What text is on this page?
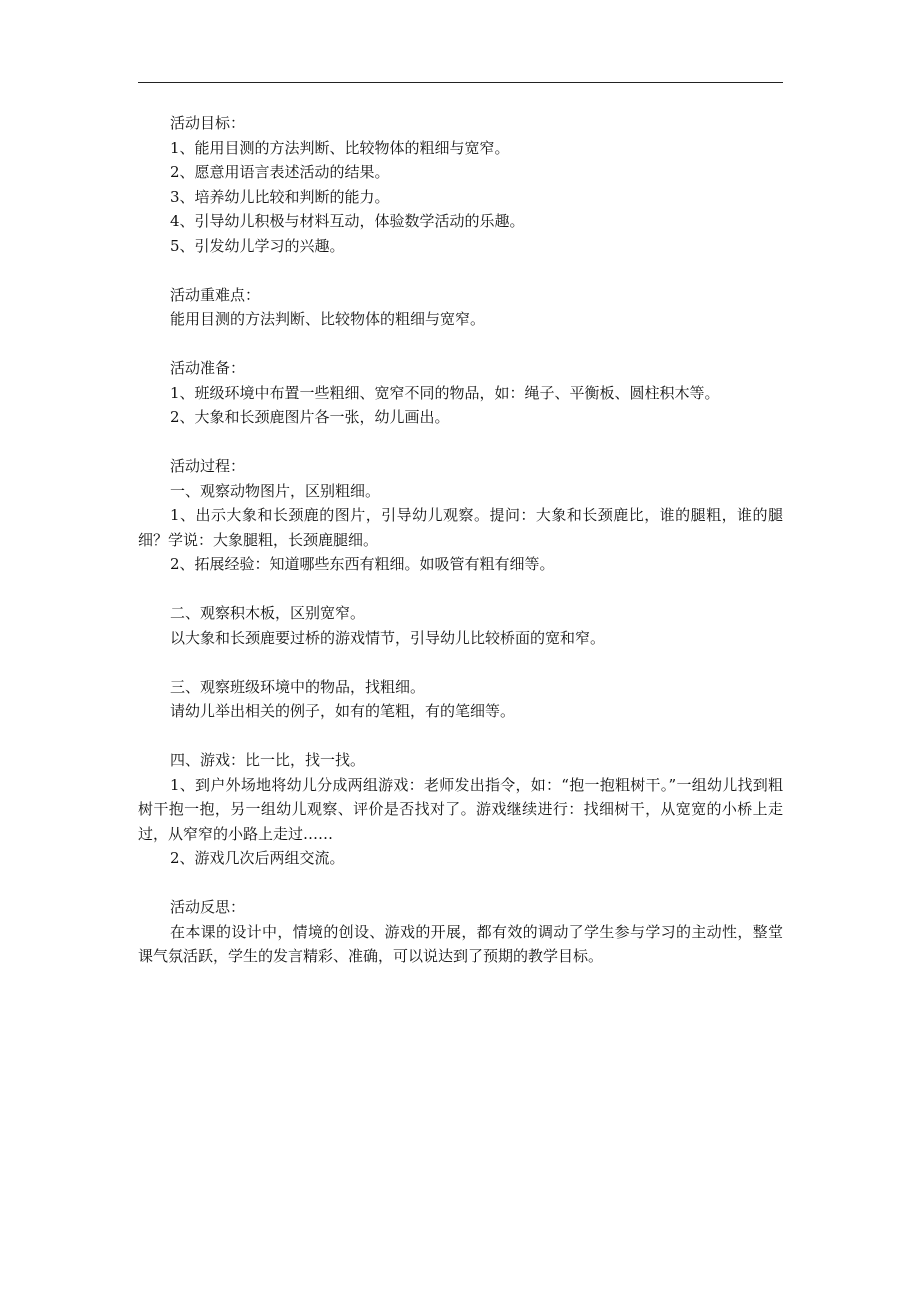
活动目标：

1、能用目测的方法判断、比较物体的粗细与宽窄。

2、愿意用语言表述活动的结果。

3、培养幼儿比较和判断的能力。

4、引导幼儿积极与材料互动，体验数学活动的乐趣。

5、引发幼儿学习的兴趣。

活动重难点：

能用目测的方法判断、比较物体的粗细与宽窄。

活动准备：

1、班级环境中布置一些粗细、宽窄不同的物品，如：绳子、平衡板、圆柱积木等。

2、大象和长颈鹿图片各一张，幼儿画出。

活动过程：

一、观察动物图片，区别粗细。

1、出示大象和长颈鹿的图片，引导幼儿观察。提问：大象和长颈鹿比，谁的腿粗，谁的腿细？学说：大象腿粗，长颈鹿腿细。

2、拓展经验：知道哪些东西有粗细。如吸管有粗有细等。

二、观察积木板，区别宽窄。

以大象和长颈鹿要过桥的游戏情节，引导幼儿比较桥面的宽和窄。

三、观察班级环境中的物品，找粗细。

请幼儿举出相关的例子，如有的笔粗，有的笔细等。

四、游戏：比一比，找一找。

1、到户外场地将幼儿分成两组游戏：老师发出指令，如：“抱一抱粗树干。”一组幼儿找到粗树干抱一抱，另一组幼儿观察、评价是否找对了。游戏继续进行：找细树干，从宽宽的小桥上走过，从窄窄的小路上走过……

2、游戏几次后两组交流。

活动反思：

在本课的设计中，情境的创设、游戏的开展，都有效的调动了学生参与学习的主动性，整堂课气氛活跃，学生的发言精彩、准确，可以说达到了预期的教学目标。
